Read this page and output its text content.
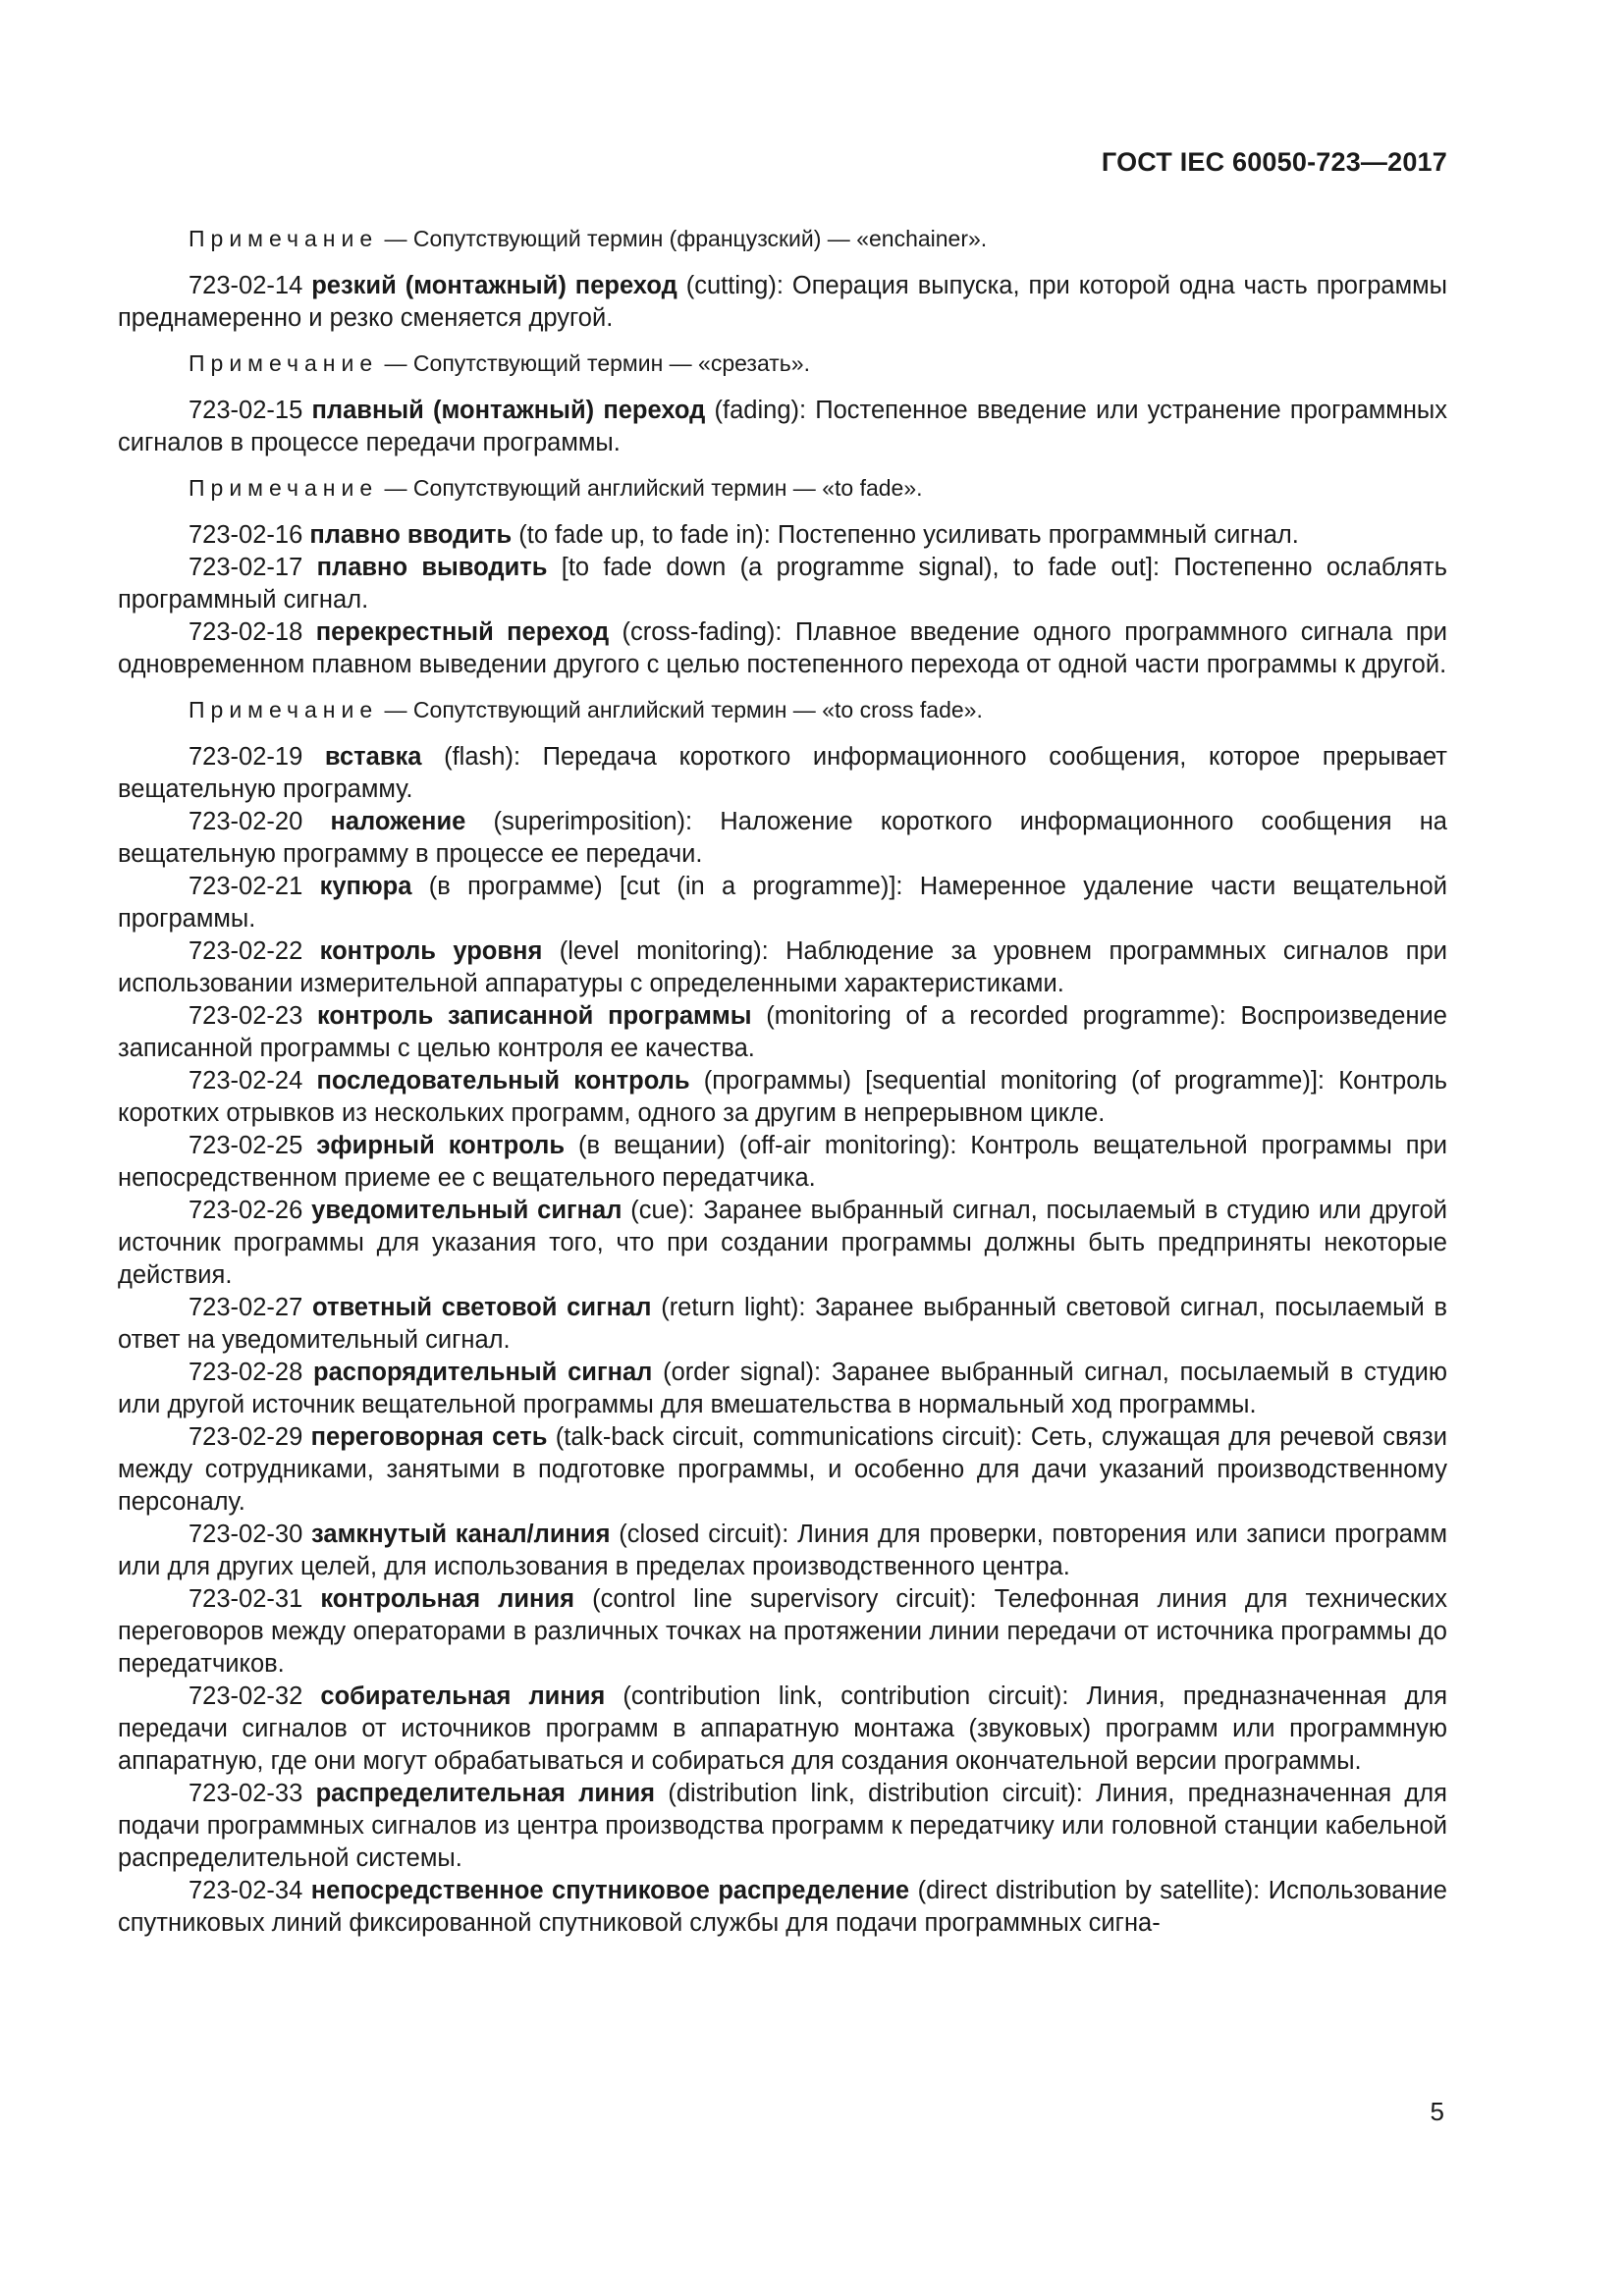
ГОСТ IEC 60050-723—2017

Примечание — Сопутствующий термин (французский) — «enchainer».

723-02-14 резкий (монтажный) переход (cutting): Операция выпуска, при которой одна часть программы преднамеренно и резко сменяется другой.

Примечание — Сопутствующий термин — «срезать».

723-02-15 плавный (монтажный) переход (fading): Постепенное введение или устранение программных сигналов в процессе передачи программы.

Примечание — Сопутствующий английский термин — «to fade».

723-02-16 плавно вводить (to fade up, to fade in): Постепенно усиливать программный сигнал.

723-02-17 плавно выводить [to fade down (a programme signal), to fade out]: Постепенно ослаблять программный сигнал.

723-02-18 перекрестный переход (cross-fading): Плавное введение одного программного сигнала при одновременном плавном выведении другого с целью постепенного перехода от одной части программы к другой.

Примечание — Сопутствующий английский термин — «to cross fade».

723-02-19 вставка (flash): Передача короткого информационного сообщения, которое прерывает вещательную программу.

723-02-20 наложение (superimposition): Наложение короткого информационного сообщения на вещательную программу в процессе ее передачи.

723-02-21 купюра (в программе) [cut (in a programme)]: Намеренное удаление части вещательной программы.

723-02-22 контроль уровня (level monitoring): Наблюдение за уровнем программных сигналов при использовании измерительной аппаратуры с определенными характеристиками.

723-02-23 контроль записанной программы (monitoring of a recorded programme): Воспроизведение записанной программы с целью контроля ее качества.

723-02-24 последовательный контроль (программы) [sequential monitoring (of programme)]: Контроль коротких отрывков из нескольких программ, одного за другим в непрерывном цикле.

723-02-25 эфирный контроль (в вещании) (off-air monitoring): Контроль вещательной программы при непосредственном приеме ее с вещательного передатчика.

723-02-26 уведомительный сигнал (cue): Заранее выбранный сигнал, посылаемый в студию или другой источник программы для указания того, что при создании программы должны быть предприняты некоторые действия.

723-02-27 ответный световой сигнал (return light): Заранее выбранный световой сигнал, посылаемый в ответ на уведомительный сигнал.

723-02-28 распорядительный сигнал (order signal): Заранее выбранный сигнал, посылаемый в студию или другой источник вещательной программы для вмешательства в нормальный ход программы.

723-02-29 переговорная сеть (talk-back circuit, communications circuit): Сеть, служащая для речевой связи между сотрудниками, занятыми в подготовке программы, и особенно для дачи указаний производственному персоналу.

723-02-30 замкнутый канал/линия (closed circuit): Линия для проверки, повторения или записи программ или для других целей, для использования в пределах производственного центра.

723-02-31 контрольная линия (control line supervisory circuit): Телефонная линия для технических переговоров между операторами в различных точках на протяжении линии передачи от источника программы до передатчиков.

723-02-32 собирательная линия (contribution link, contribution circuit): Линия, предназначенная для передачи сигналов от источников программ в аппаратную монтажа (звуковых) программ или программную аппаратную, где они могут обрабатываться и собираться для создания окончательной версии программы.

723-02-33 распределительная линия (distribution link, distribution circuit): Линия, предназначенная для подачи программных сигналов из центра производства программ к передатчику или головной станции кабельной распределительной системы.

723-02-34 непосредственное спутниковое распределение (direct distribution by satellite): Использование спутниковых линий фиксированной спутниковой службы для подачи программных сигна-

5
